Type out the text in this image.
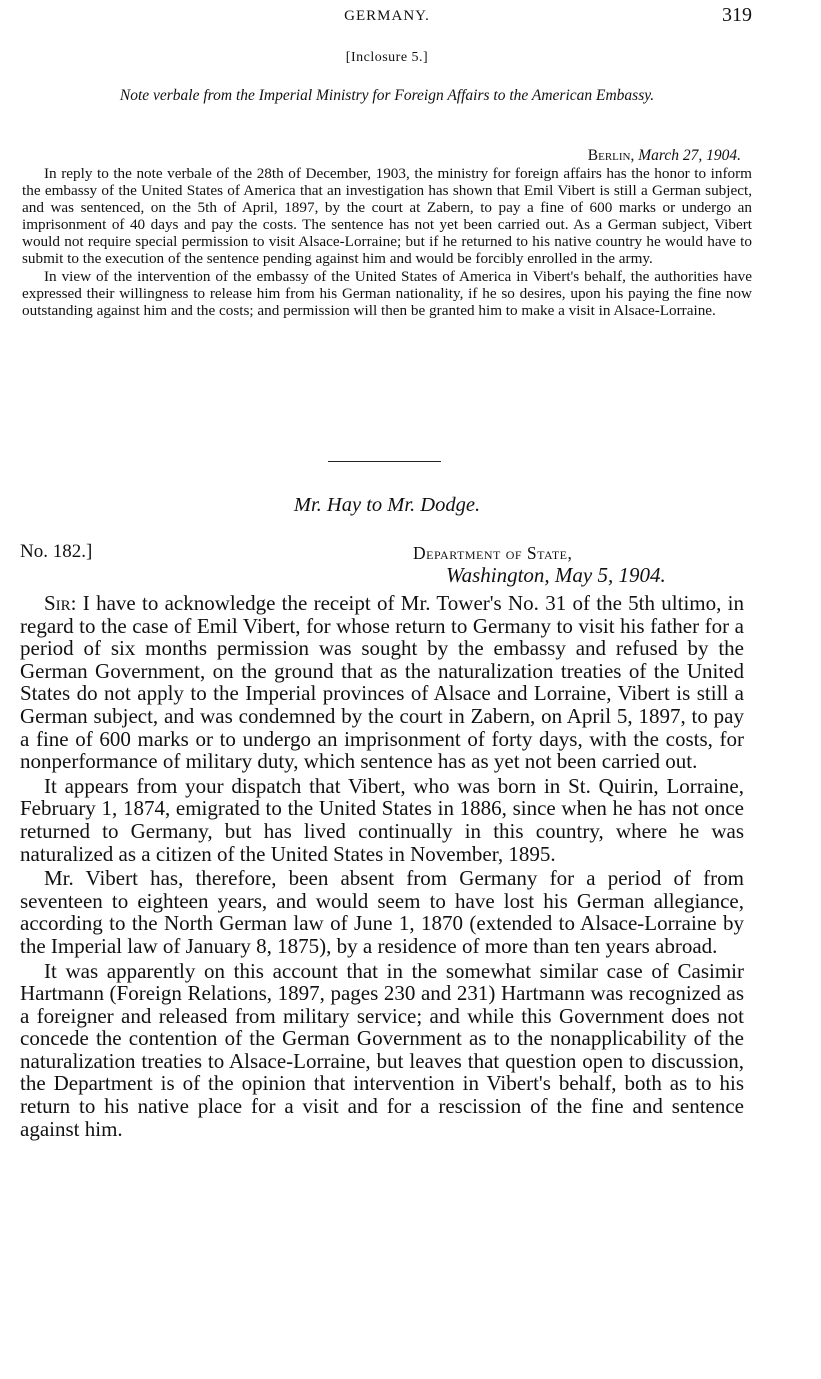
GERMANY.	319
[Inclosure 5.]
Note verbale from the Imperial Ministry for Foreign Affairs to the American Embassy.
Berlin, March 27, 1904.

In reply to the note verbale of the 28th of December, 1903, the ministry for foreign affairs has the honor to inform the embassy of the United States of America that an investigation has shown that Emil Vibert is still a German subject, and was sentenced, on the 5th of April, 1897, by the court at Zabern, to pay a fine of 600 marks or undergo an imprisonment of 40 days and pay the costs. The sentence has not yet been carried out. As a German subject, Vibert would not require special permission to visit Alsace-Lorraine; but if he returned to his native country he would have to submit to the execution of the sentence pending against him and would be forcibly enrolled in the army.

In view of the intervention of the embassy of the United States of America in Vibert's behalf, the authorities have expressed their willingness to release him from his German nationality, if he so desires, upon his paying the fine now outstanding against him and the costs; and permission will then be granted him to make a visit in Alsace-Lorraine.

Mr. Hay to Mr. Dodge.
No. 182.]	Department of State,
Washington, May 5, 1904.

Sir: I have to acknowledge the receipt of Mr. Tower's No. 31 of the 5th ultimo, in regard to the case of Emil Vibert, for whose return to Germany to visit his father for a period of six months permission was sought by the embassy and refused by the German Government, on the ground that as the naturalization treaties of the United States do not apply to the Imperial provinces of Alsace and Lorraine, Vibert is still a German subject, and was condemned by the court in Zabern, on April 5, 1897, to pay a fine of 600 marks or to undergo an imprisonment of forty days, with the costs, for nonperformance of military duty, which sentence has as yet not been carried out.

It appears from your dispatch that Vibert, who was born in St. Quirin, Lorraine, February 1, 1874, emigrated to the United States in 1886, since when he has not once returned to Germany, but has lived continually in this country, where he was naturalized as a citizen of the United States in November, 1895.

Mr. Vibert has, therefore, been absent from Germany for a period of from seventeen to eighteen years, and would seem to have lost his German allegiance, according to the North German law of June 1, 1870 (extended to Alsace-Lorraine by the Imperial law of January 8, 1875), by a residence of more than ten years abroad.

It was apparently on this account that in the somewhat similar case of Casimir Hartmann (Foreign Relations, 1897, pages 230 and 231) Hartmann was recognized as a foreigner and released from military service; and while this Government does not concede the contention of the German Government as to the nonapplicability of the naturalization treaties to Alsace-Lorraine, but leaves that question open to discussion, the Department is of the opinion that intervention in Vibert's behalf, both as to his return to his native place for a visit and for a rescission of the fine and sentence against him.
